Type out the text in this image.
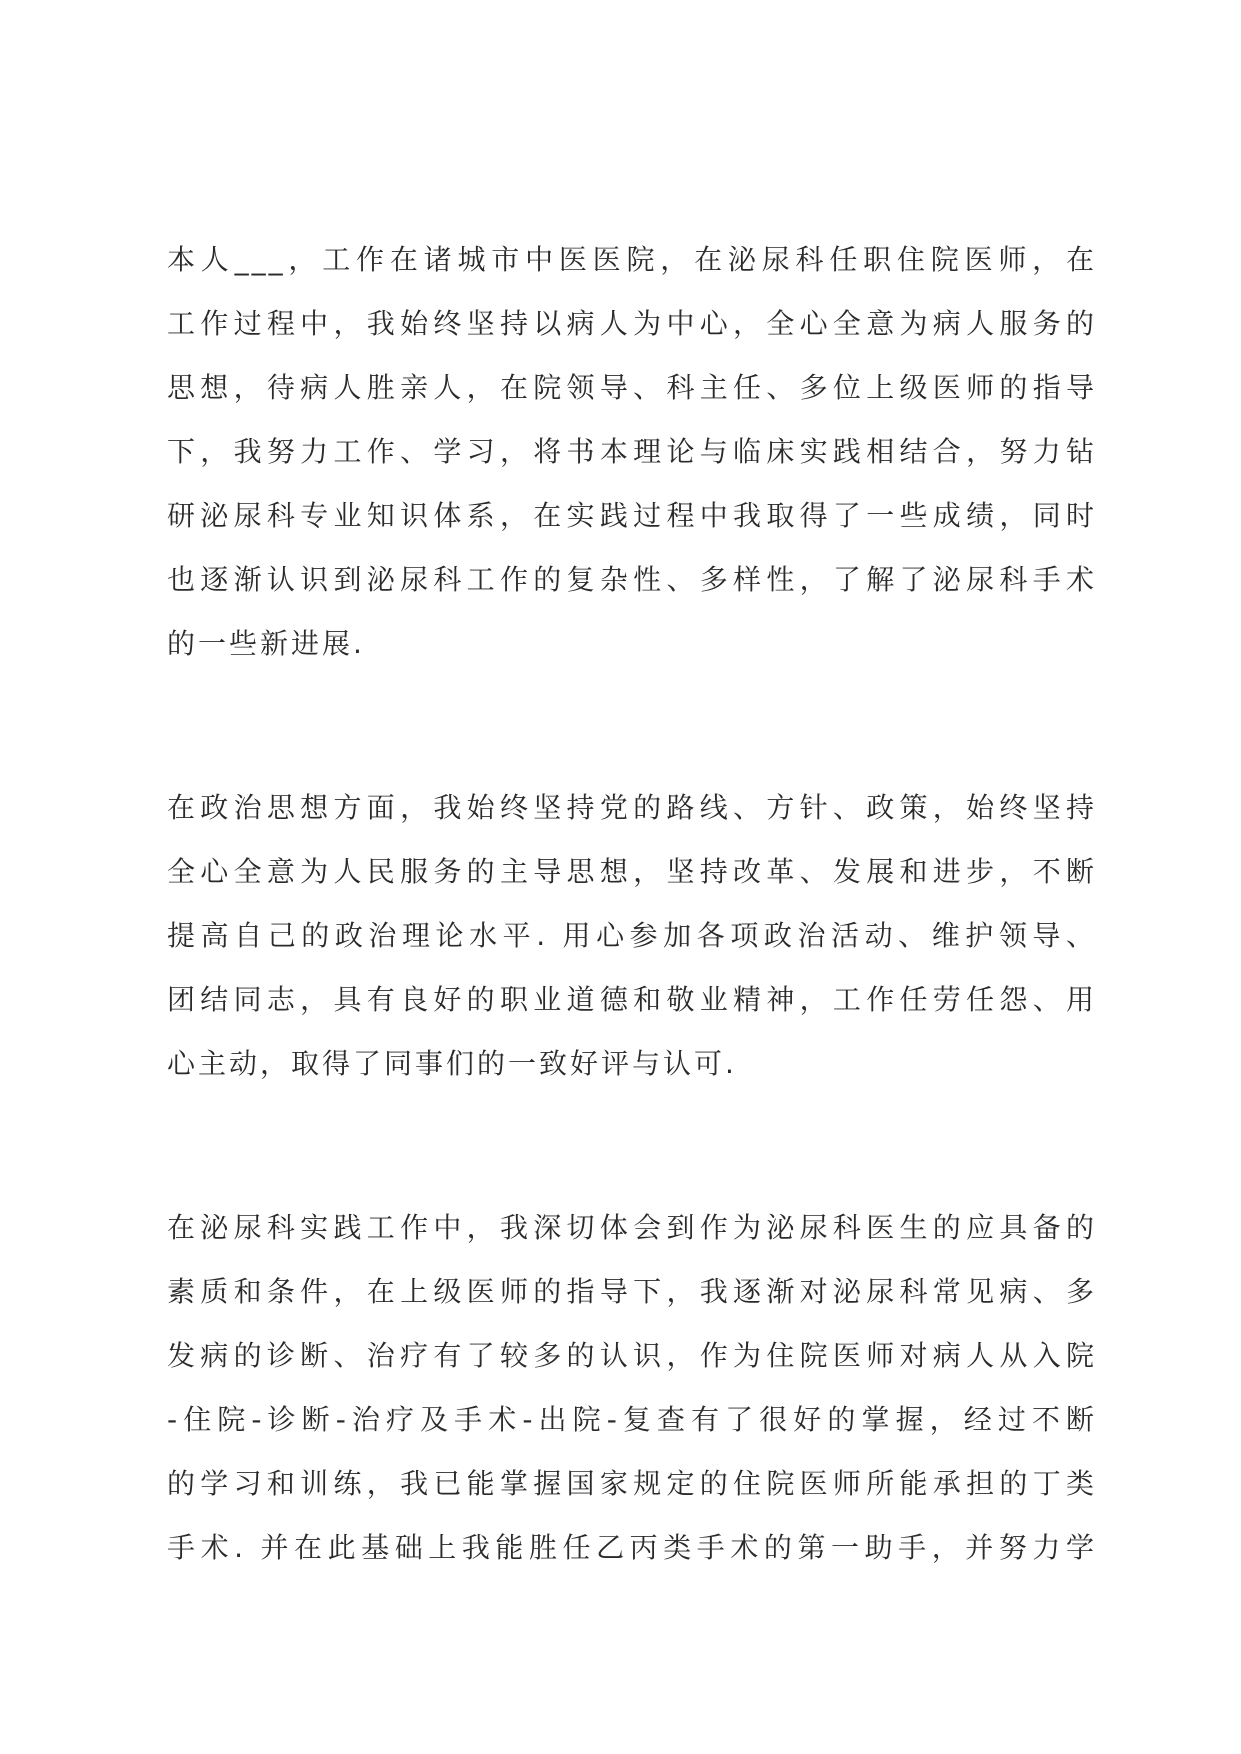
本人___，工作在诸城市中医医院，在泌尿科任职住院医师，在
工作过程中，我始终坚持以病人为中心，全心全意为病人服务的
思想，待病人胜亲人，在院领导、科主任、多位上级医师的指导
下，我努力工作、学习，将书本理论与临床实践相结合，努力钻
研泌尿科专业知识体系，在实践过程中我取得了一些成绩，同时
也逐渐认识到泌尿科工作的复杂性、多样性，了解了泌尿科手术
的一些新进展.
在政治思想方面，我始终坚持党的路线、方针、政策，始终坚持
全心全意为人民服务的主导思想，坚持改革、发展和进步，不断
提高自己的政治理论水平. 用心参加各项政治活动、维护领导、
团结同志，具有良好的职业道德和敬业精神，工作任劳任怨、用
心主动，取得了同事们的一致好评与认可.
在泌尿科实践工作中，我深切体会到作为泌尿科医生的应具备的
素质和条件，在上级医师的指导下，我逐渐对泌尿科常见病、多
发病的诊断、治疗有了较多的认识，作为住院医师对病人从入院
-住院-诊断-治疗及手术-出院-复查有了很好的掌握，经过不断
的学习和训练，我已能掌握国家规定的住院医师所能承担的丁类
手术. 并在此基础上我能胜任乙丙类手术的第一助手，并努力学
